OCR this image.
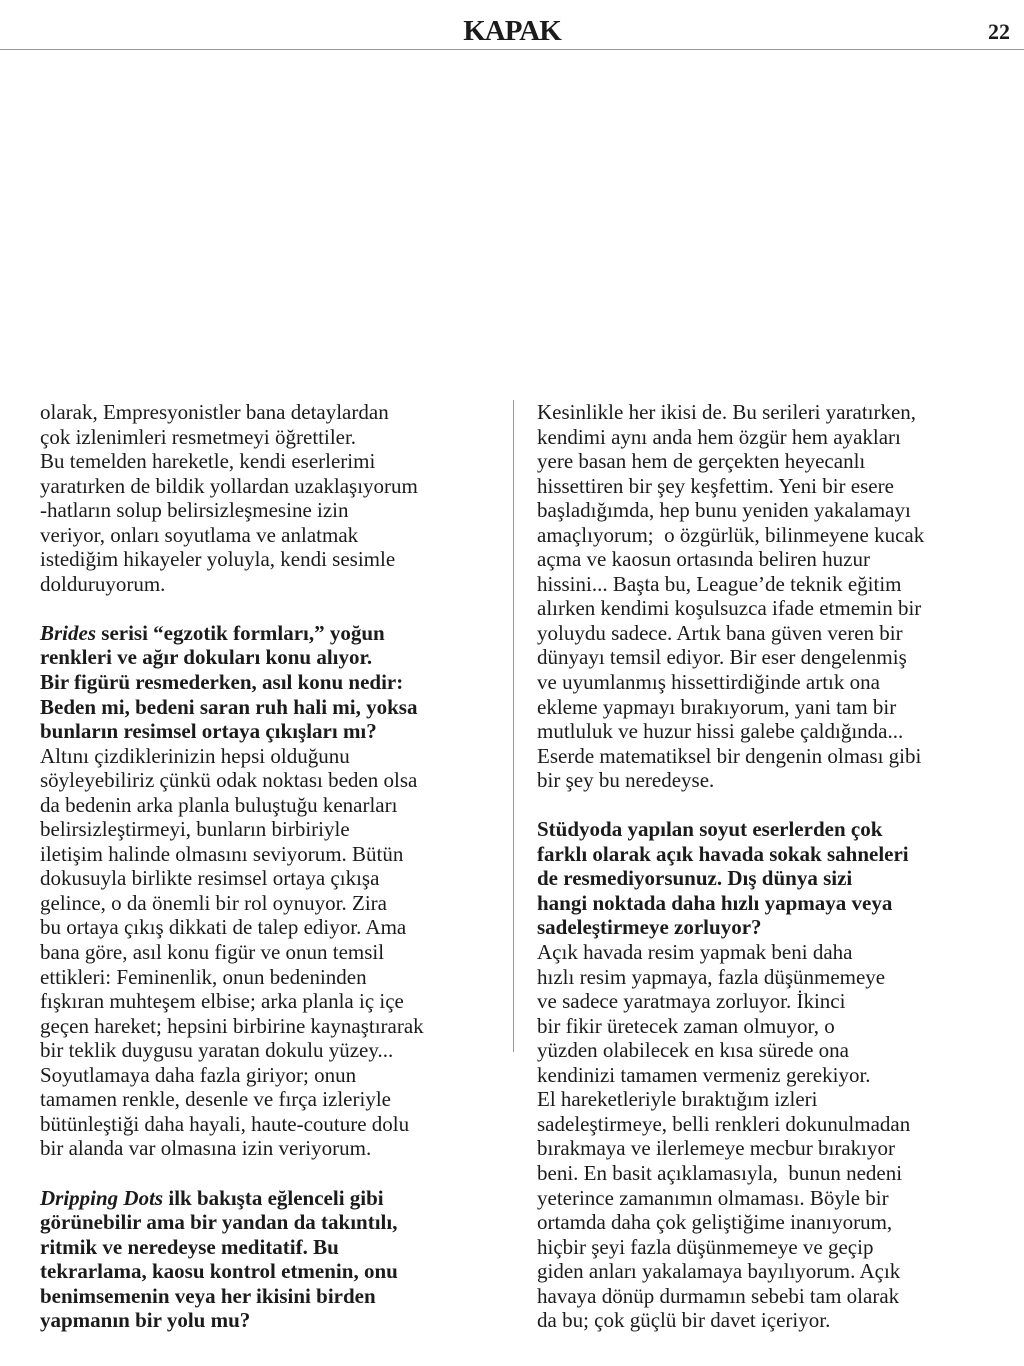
KAPAK	22
olarak, Empresyonistler bana detaylardan
çok izlenimleri resmetmeyi öğrettiler.
Bu temelden hareketle, kendi eserlerimi
yaratırken de bildik yollardan uzaklaşıyorum
-hatların solup belirsizleşmesine izin
veriyor, onları soyutlama ve anlatmak
istediğim hikayeler yoluyla, kendi sesimle
dolduruyorum.
Brides serisi “egzotik formları,” yoğun
renkleri ve ağır dokuları konu alıyor.
Bir figürü resmederken, asıl konu nedir:
Beden mi, bedeni saran ruh hali mi, yoksa
bunların resimsel ortaya çıkışları mı?
Altını çizdiklerinizin hepsi olduğunu
söyleyebiliriz çünkü odak noktası beden olsa
da bedenin arka planla buluştuğu kenarları
belirsizleştirmeyi, bunların birbiriyle
iletişim halinde olmasını seviyorum. Bütün
dokusuyla birlikte resimsel ortaya çıkışa
gelince, o da önemli bir rol oynuyor. Zira
bu ortaya çıkış dikkati de talep ediyor. Ama
bana göre, asıl konu figür ve onun temsil
ettikleri: Feminenlik, onun bedeninden
fışkıran muhteşem elbise; arka planla iç içe
geçen hareket; hepsini birbirine kaynaştırarak
bir teklik duygusu yaratan dokulu yüzey...
Soyutlamaya daha fazla giriyor; onun
tamamen renkle, desenle ve fırça izleriyle
bütünleştiği daha hayali, haute-couture dolu
bir alanda var olmasına izin veriyorum.
Dripping Dots ilk bakışta eğlenceli gibi
görünebilir ama bir yandan da takıntılı,
ritmik ve neredeyse meditatif. Bu
tekrarlama, kaosu kontrol etmenin, onu
benimsemenin veya her ikisini birden
yapmanın bir yolu mu?
Kesinlikle her ikisi de. Bu serileri yaratırken,
kendimi aynı anda hem özgür hem ayakları
yere basan hem de gerçekten heyecanlı
hissettiren bir şey keşfettim. Yeni bir esere
başladığımda, hep bunu yeniden yakalamayı
amaçlıyorum;  o özgürlük, bilinmeyene kucak
açma ve kaosun ortasında beliren huzur
hissini... Başta bu, League’de teknik eğitim
alırken kendimi koşulsuzca ifade etmemin bir
yoluydu sadece. Artık bana güven veren bir
dünyayı temsil ediyor. Bir eser dengelenmiş
ve uyumlanmış hissettirdiğinde artık ona
ekleme yapmayı bırakıyorum, yani tam bir
mutluluk ve huzur hissi galebe çaldığında...
Eserde matematiksel bir dengenin olması gibi
bir şey bu neredeyse.
Stüdyoda yapılan soyut eserlerden çok
farklı olarak açık havada sokak sahneleri
de resmediyorsunuz. Dış dünya sizi
hangi noktada daha hızlı yapmaya veya
sadeleştirmeye zorluyor?
Açık havada resim yapmak beni daha
hızlı resim yapmaya, fazla düşünmemeye
ve sadece yaratmaya zorluyor. İkinci
bir fikir üretecek zaman olmuyor, o
yüzden olabilecek en kısa sürede ona
kendinizi tamamen vermeniz gerekiyor.
El hareketleriyle bıraktığım izleri
sadeleştirmeye, belli renkleri dokunulmadan
bırakmaya ve ilerlemeye mecbur bırakıyor
beni. En basit açıklamasıyla,  bunun nedeni
yeterince zamanımın olmaması. Böyle bir
ortamda daha çok geliştiğime inanıyorum,
hiçbir şeyi fazla düşünmemeye ve geçip
giden anları yakalamaya bayılıyorum. Açık
havaya dönüp durmamın sebebi tam olarak
da bu; çok güçlü bir davet içeriyor.
